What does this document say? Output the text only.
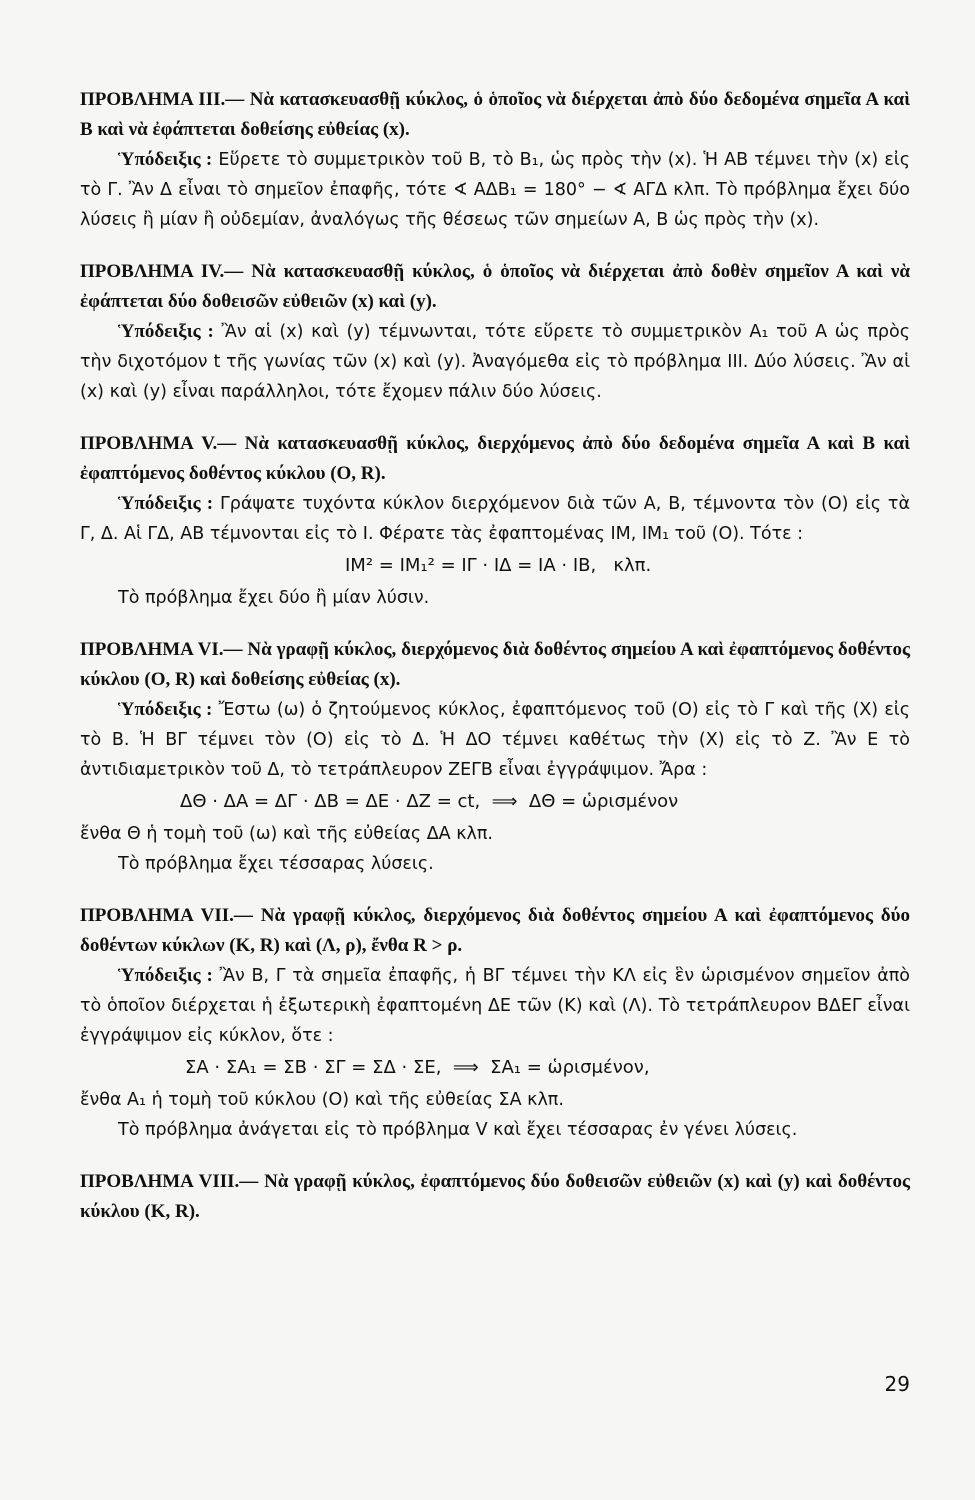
ΠΡΟΒΛΗΜΑ ΙΙΙ.— Νὰ κατασκευασθῇ κύκλος, ὁ ὁποῖος νὰ διέρχεται ἀπὸ δύο δεδομένα σημεῖα Α καὶ Β καὶ νὰ ἐφάπτεται δοθείσης εὐθείας (x).
Ὑπόδειξις : Εὕρετε τὸ συμμετρικὸν τοῦ Β, τὸ Β₁, ὡς πρὸς τὴν (x). Ἡ ΑΒ τέμνει τὴν (x) εἰς τὸ Γ. Ἂν Δ εἶναι τὸ σημεῖον ἐπαφῆς, τότε ∢ ΑΔΒ₁ = 180° − ∢ ΑΓΔ κλπ. Τὸ πρόβλημα ἔχει δύο λύσεις ἢ μίαν ἢ οὐδεμίαν, ἀναλόγως τῆς θέσεως τῶν σημείων Α, Β ὡς πρὸς τὴν (x).
ΠΡΟΒΛΗΜΑ IV.— Νὰ κατασκευασθῇ κύκλος, ὁ ὁποῖος νὰ διέρχεται ἀπὸ δοθὲν σημεῖον Α καὶ νὰ ἐφάπτεται δύο δοθεισῶν εὐθειῶν (x) καὶ (y).
Ὑπόδειξις : Ἂν αἱ (x) καὶ (y) τέμνωνται, τότε εὕρετε τὸ συμμετρικὸν Α₁ τοῦ Α ὡς πρὸς τὴν διχοτόμον t τῆς γωνίας τῶν (x) καὶ (y). Ἀναγόμεθα εἰς τὸ πρόβλημα ΙΙΙ. Δύο λύσεις. Ἂν αἱ (x) καὶ (y) εἶναι παράλληλοι, τότε ἔχομεν πάλιν δύο λύσεις.
ΠΡΟΒΛΗΜΑ V.— Νὰ κατασκευασθῇ κύκλος, διερχόμενος ἀπὸ δύο δεδομένα σημεῖα Α καὶ Β καὶ ἐφαπτόμενος δοθέντος κύκλου (Ο, R).
Ὑπόδειξις : Γράψατε τυχόντα κύκλον διερχόμενον διὰ τῶν Α, Β, τέμνοντα τὸν (Ο) εἰς τὰ Γ, Δ. Αἱ ΓΔ, ΑΒ τέμνονται εἰς τὸ Ι. Φέρατε τὰς ἐφαπτομένας ΙΜ, ΙΜ₁ τοῦ (Ο). Τότε :
ΙΜ² = ΙΜ₁² = ΙΓ · ΙΔ = ΙΑ · ΙΒ,   κλπ.
Τὸ πρόβλημα ἔχει δύο ἢ μίαν λύσιν.
ΠΡΟΒΛΗΜΑ VI.— Νὰ γραφῇ κύκλος, διερχόμενος διὰ δοθέντος σημείου Α καὶ ἐφαπτόμενος δοθέντος κύκλου (Ο, R) καὶ δοθείσης εὐθείας (x).
Ὑπόδειξις : Ἔστω (ω) ὁ ζητούμενος κύκλος, ἐφαπτόμενος τοῦ (Ο) εἰς τὸ Γ καὶ τῆς (Χ) εἰς τὸ Β. Ἡ ΒΓ τέμνει τὸν (Ο) εἰς τὸ Δ. Ἡ ΔΟ τέμνει καθέτως τὴν (Χ) εἰς τὸ Ζ. Ἂν Ε τὸ ἀντιδιαμετρικὸν τοῦ Δ, τὸ τετράπλευρον ΖΕΓΒ εἶναι ἐγγράψιμον. Ἄρα :
ΔΘ · ΔΑ = ΔΓ · ΔΒ = ΔΕ · ΔΖ = ct,  ⟹  ΔΘ = ὡρισμένον
ἔνθα Θ ἡ τομὴ τοῦ (ω) καὶ τῆς εὐθείας ΔΑ κλπ.
Τὸ πρόβλημα ἔχει τέσσαρας λύσεις.
ΠΡΟΒΛΗΜΑ VII.— Νὰ γραφῇ κύκλος, διερχόμενος διὰ δοθέντος σημείου Α καὶ ἐφαπτόμενος δύο δοθέντων κύκλων (Κ, R) καὶ (Λ, ρ), ἔνθα R > ρ.
Ὑπόδειξις : Ἂν Β, Γ τὰ σημεῖα ἐπαφῆς, ἡ ΒΓ τέμνει τὴν ΚΛ εἰς ἓν ὡρισμένον σημεῖον ἀπὸ τὸ ὁποῖον διέρχεται ἡ ἐξωτερικὴ ἐφαπτομένη ΔΕ τῶν (Κ) καὶ (Λ). Τὸ τετράπλευρον ΒΔΕΓ εἶναι ἐγγράψιμον εἰς κύκλον, ὅτε :
ΣΑ · ΣΑ₁ = ΣΒ · ΣΓ = ΣΔ · ΣΕ,  ⟹  ΣΑ₁ = ὡρισμένον,
ἔνθα Α₁ ἡ τομὴ τοῦ κύκλου (Ο) καὶ τῆς εὐθείας ΣΑ κλπ.
Τὸ πρόβλημα ἀνάγεται εἰς τὸ πρόβλημα V καὶ ἔχει τέσσαρας ἐν γένει λύσεις.
ΠΡΟΒΛΗΜΑ VIII.— Νὰ γραφῇ κύκλος, ἐφαπτόμενος δύο δοθεισῶν εὐθειῶν (x) καὶ (y) καὶ δοθέντος κύκλου (Κ, R).
29
